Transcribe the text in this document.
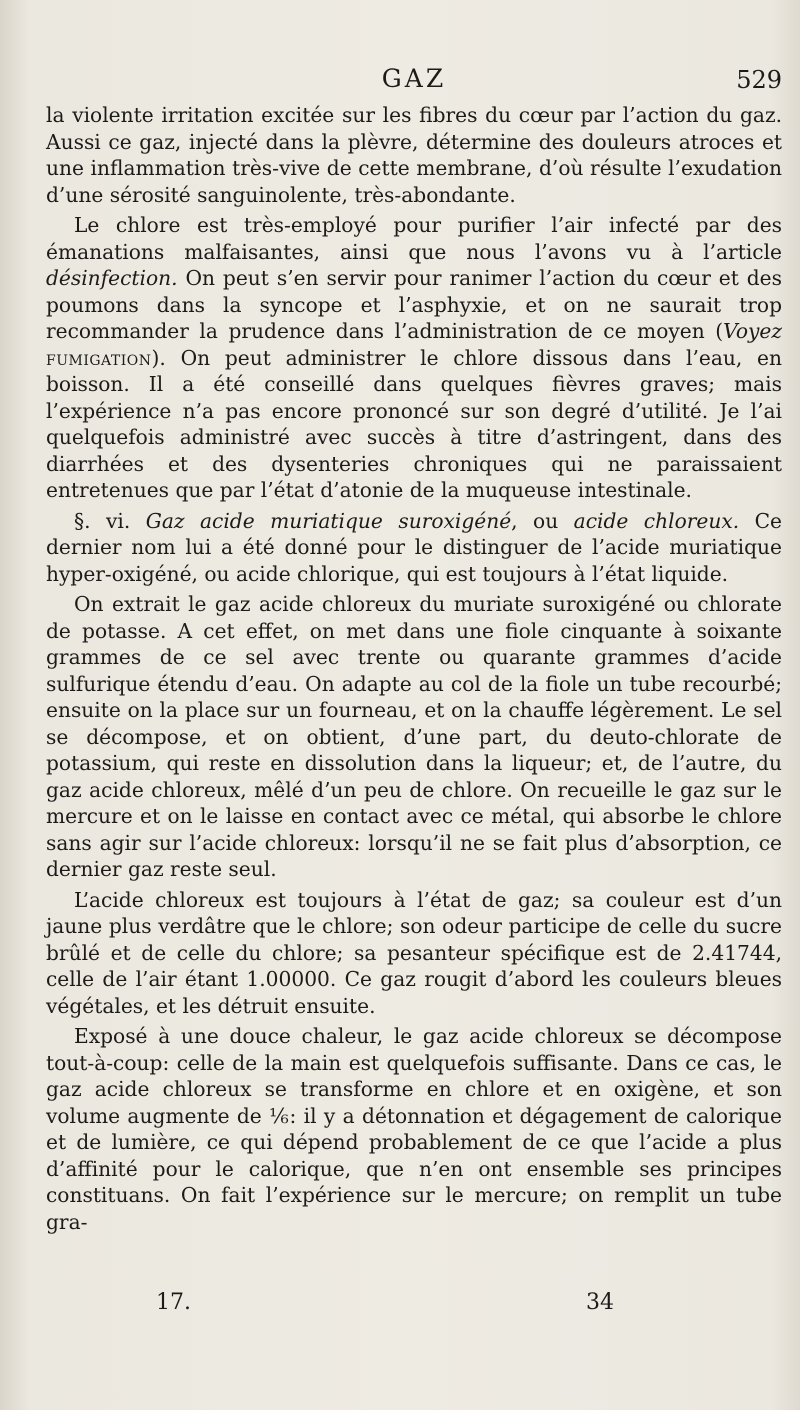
GAZ	529

la violente irritation excitée sur les fibres du cœur par l’action du gaz. Aussi ce gaz, injecté dans la plèvre, détermine des douleurs atroces et une inflammation très-vive de cette membrane, d’où résulte l’exudation d’une sérosité sanguinolente, très-abondante.

Le chlore est très-employé pour purifier l’air infecté par des émanations malfaisantes, ainsi que nous l’avons vu à l’article désinfection. On peut s’en servir pour ranimer l’action du cœur et des poumons dans la syncope et l’asphyxie, et on ne saurait trop recommander la prudence dans l’administration de ce moyen (Voyez fumigation). On peut administrer le chlore dissous dans l’eau, en boisson. Il a été conseillé dans quelques fièvres graves; mais l’expérience n’a pas encore prononcé sur son degré d’utilité. Je l’ai quelquefois administré avec succès à titre d’astringent, dans des diarrhées et des dysenteries chroniques qui ne paraissaient entretenues que par l’état d’atonie de la muqueuse intestinale.

§. vi. Gaz acide muriatique suroxigéné, ou acide chloreux. Ce dernier nom lui a été donné pour le distinguer de l’acide muriatique hyper-oxigéné, ou acide chlorique, qui est toujours à l’état liquide.

On extrait le gaz acide chloreux du muriate suroxigéné ou chlorate de potasse. A cet effet, on met dans une fiole cinquante à soixante grammes de ce sel avec trente ou quarante grammes d’acide sulfurique étendu d’eau. On adapte au col de la fiole un tube recourbé; ensuite on la place sur un fourneau, et on la chauffe légèrement. Le sel se décompose, et on obtient, d’une part, du deuto-chlorate de potassium, qui reste en dissolution dans la liqueur; et, de l’autre, du gaz acide chloreux, mêlé d’un peu de chlore. On recueille le gaz sur le mercure et on le laisse en contact avec ce métal, qui absorbe le chlore sans agir sur l’acide chloreux: lorsqu’il ne se fait plus d’absorption, ce dernier gaz reste seul.

L’acide chloreux est toujours à l’état de gaz; sa couleur est d’un jaune plus verdâtre que le chlore; son odeur participe de celle du sucre brûlé et de celle du chlore; sa pesanteur spécifique est de 2.41744, celle de l’air étant 1.00000. Ce gaz rougit d’abord les couleurs bleues végétales, et les détruit ensuite.

Exposé à une douce chaleur, le gaz acide chloreux se décompose tout-à-coup: celle de la main est quelquefois suffisante. Dans ce cas, le gaz acide chloreux se transforme en chlore et en oxigène, et son volume augmente de ⅙: il y a détonnation et dégagement de calorique et de lumière, ce qui dépend probablement de ce que l’acide a plus d’affinité pour le calorique, que n’en ont ensemble ses principes constituans. On fait l’expérience sur le mercure; on remplit un tube gra-

17.	34
